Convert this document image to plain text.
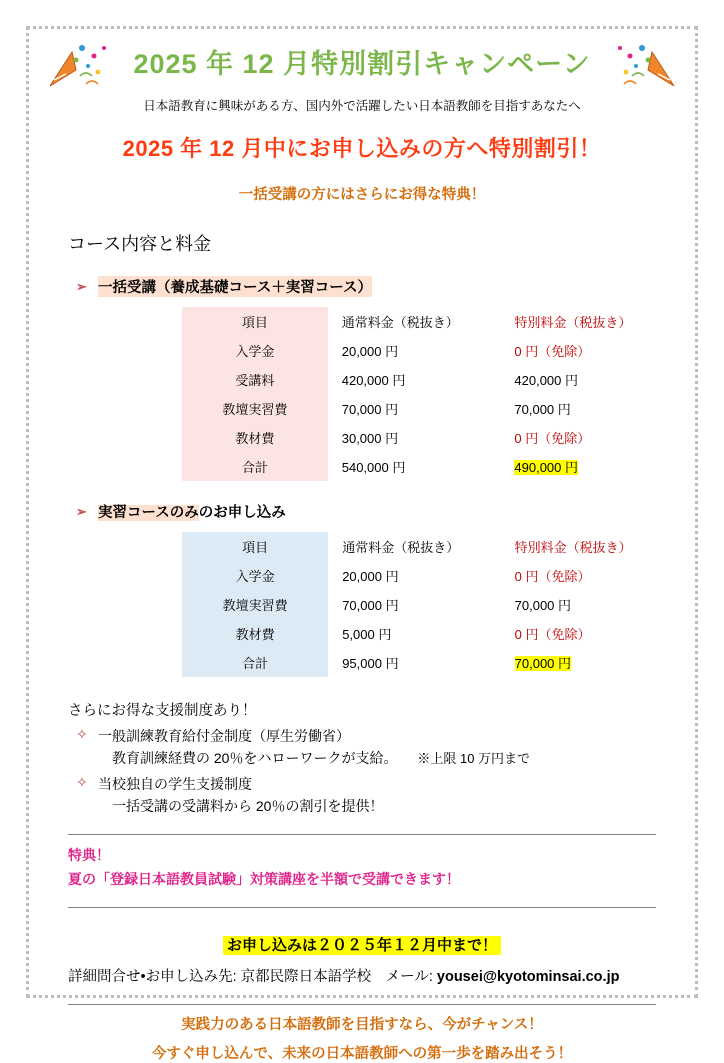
2025 年 12 月特別割引キャンペーン
日本語教育に興味がある方、国内外で活躍したい日本語教師を目指すあなたへ
2025 年 12 月中にお申し込みの方へ特別割引！
一括受講の方にはさらにお得な特典！
コース内容と料金
➢ 一括受講（養成基礎コース＋実習コース）
項目	通常料金（税抜き）	特別料金（税抜き）
入学金	20,000 円	0 円（免除）
受講料	420,000 円	420,000 円
教壇実習費	70,000 円	70,000 円
教材費	30,000 円	0 円（免除）
合計	540,000 円	490,000 円
➢ 実習コースのみのお申し込み
項目	通常料金（税抜き）	特別料金（税抜き）
入学金	20,000 円	0 円（免除）
教壇実習費	70,000 円	70,000 円
教材費	5,000 円	0 円（免除）
合計	95,000 円	70,000 円
さらにお得な支援制度あり！
✧ 一般訓練教育給付金制度（厚生労働省）
教育訓練経費の 20％をハローワークが支給。 ※上限 10 万円まで
✧ 当校独自の学生支援制度
一括受講の受講料から 20％の割引を提供！
特典！
夏の「登録日本語教員試験」対策講座を半額で受講できます！
お申し込みは２０２５年１２月中まで！
詳細問合せ•お申し込み先: 京都民際日本語学校　メール: yousei@kyotominsai.co.jp
実践力のある日本語教師を目指すなら、今がチャンス！
今すぐ申し込んで、未来の日本語教師への第一歩を踏み出そう！
